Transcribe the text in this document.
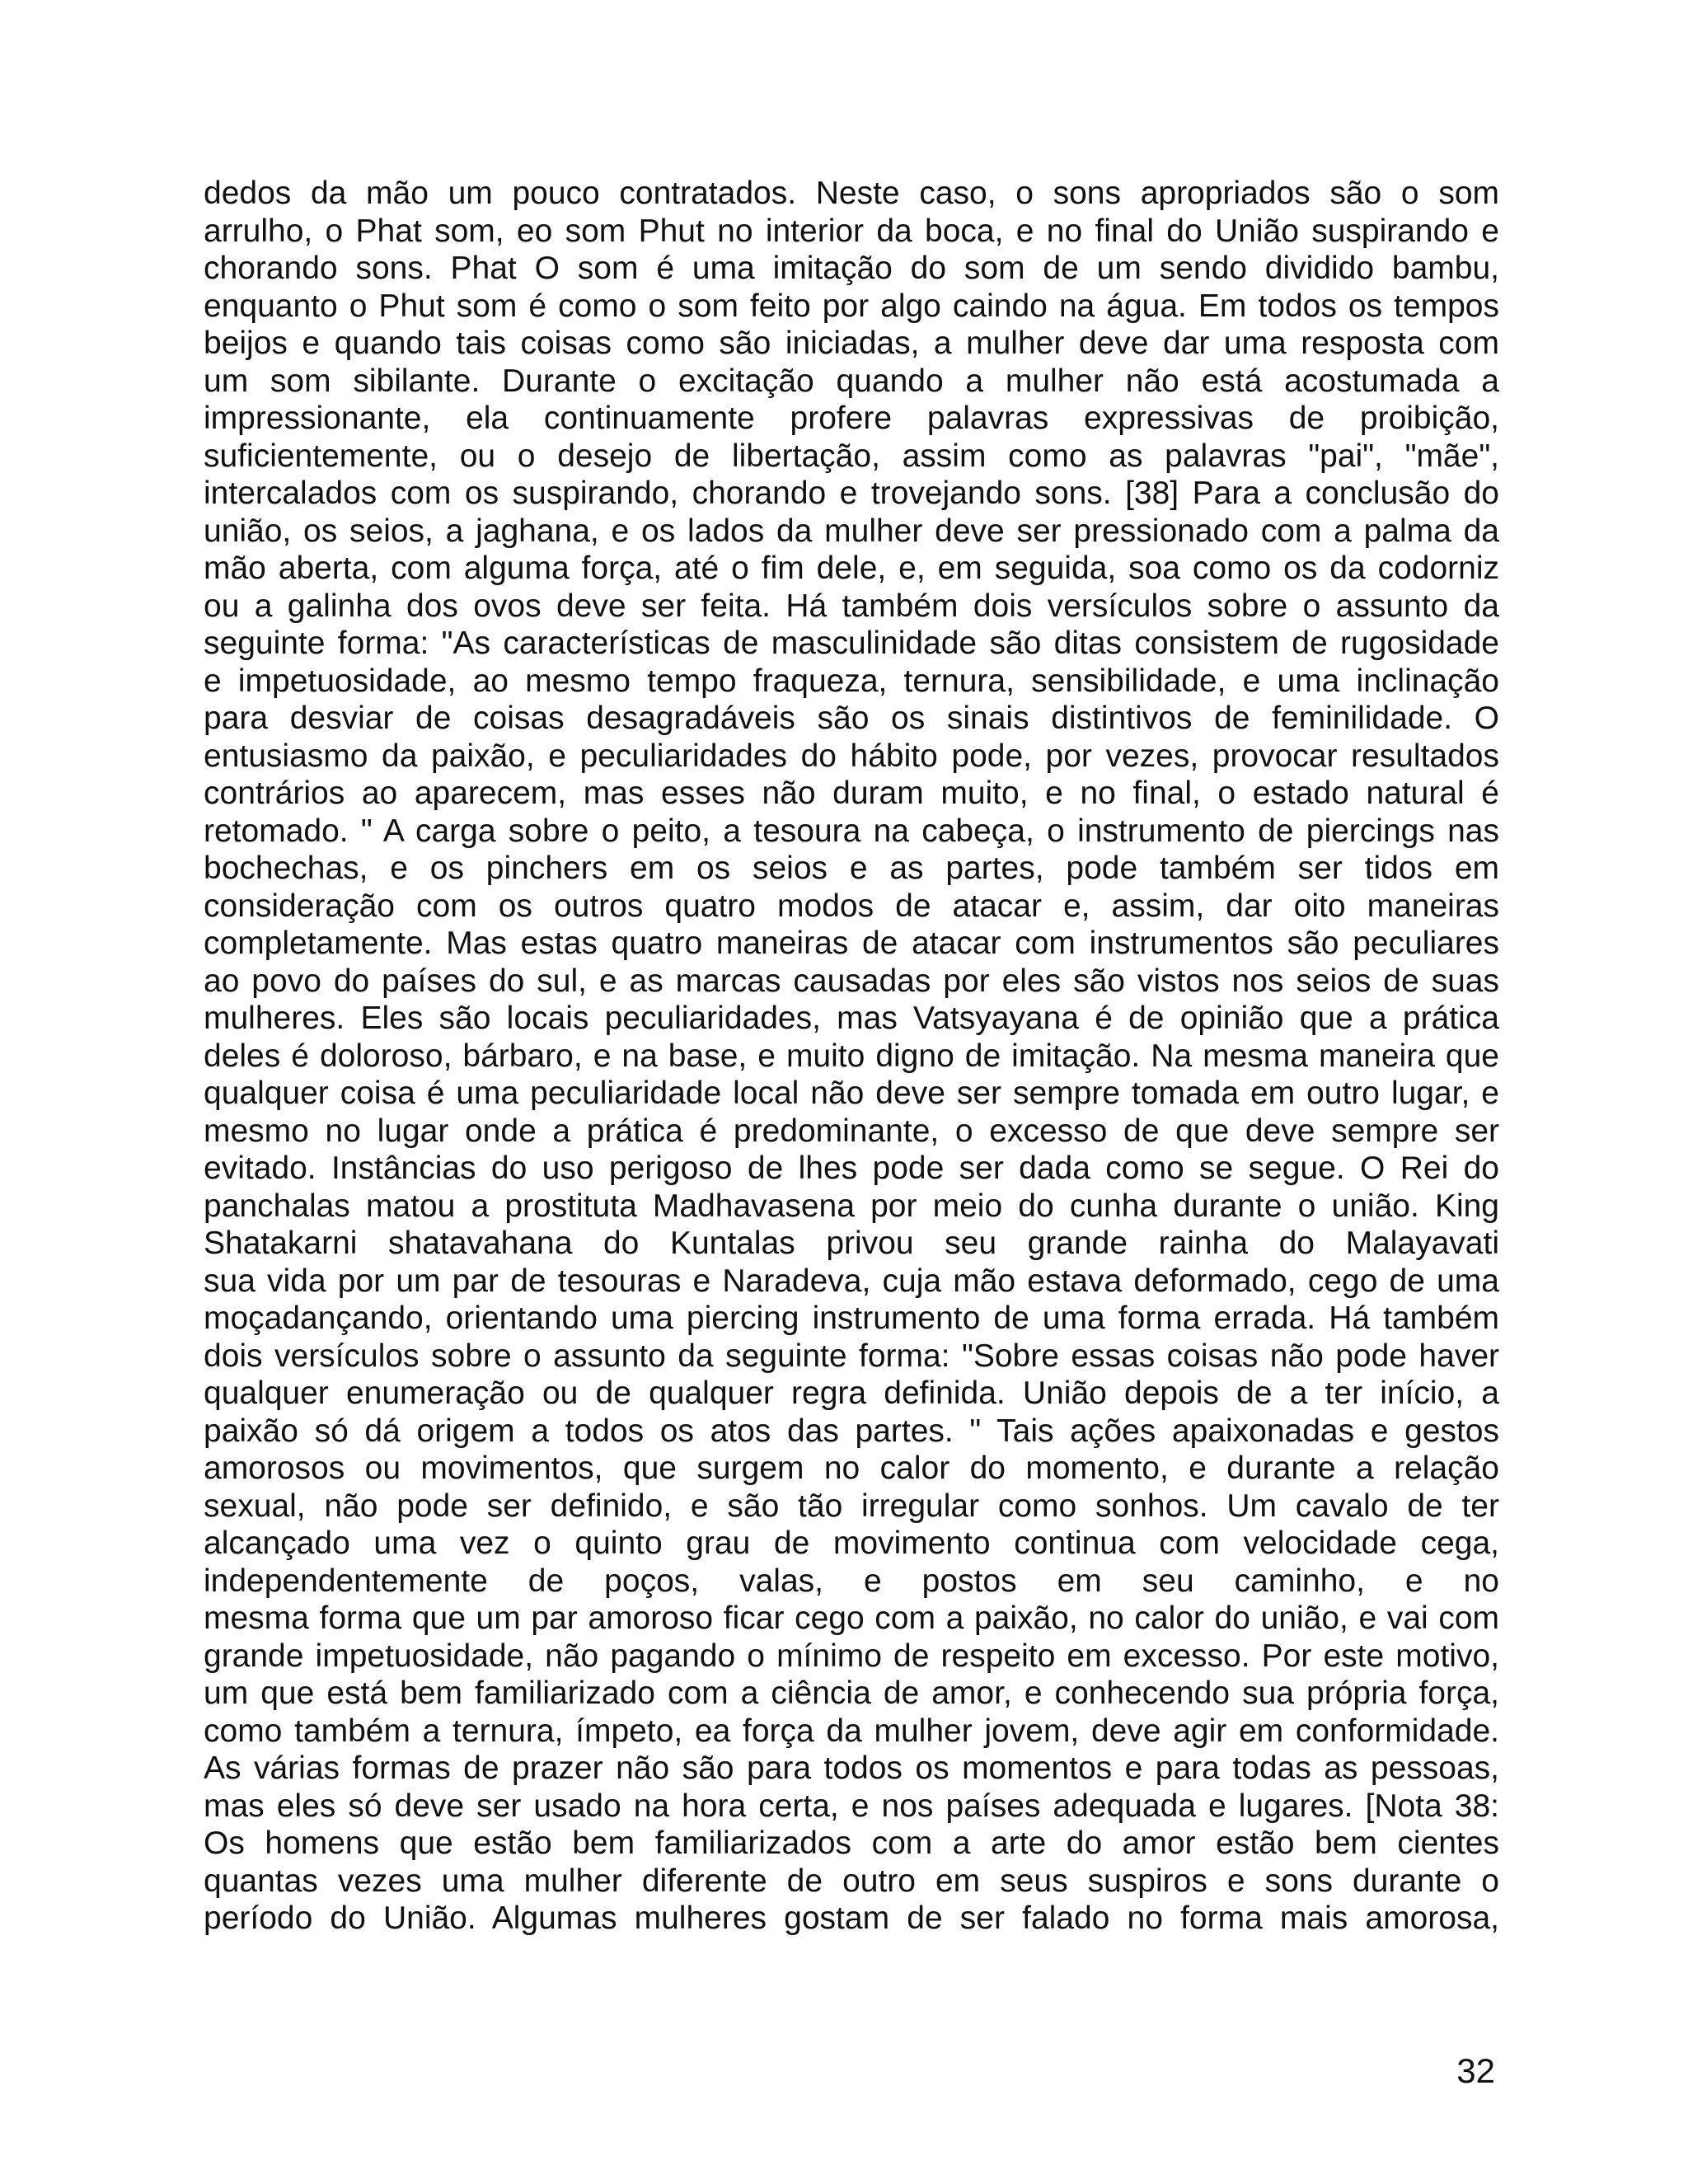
dedos da mão um pouco contratados. Neste caso, o sons apropriados são o som
arrulho, o Phat som, eo som Phut no interior da boca, e no final do União suspirando e
chorando sons. Phat O som é uma imitação do som de um sendo dividido bambu,
enquanto o Phut som é como o som feito por algo caindo na água. Em todos os tempos
beijos e quando tais coisas como são iniciadas, a mulher deve dar uma resposta com
um som sibilante. Durante o excitação quando a mulher não está acostumada a
impressionante, ela continuamente profere palavras expressivas de proibição,
suficientemente, ou o desejo de libertação, assim como as palavras "pai", "mãe",
intercalados com os suspirando, chorando e trovejando sons. [38] Para a conclusão do
união, os seios, a jaghana, e os lados da mulher deve ser pressionado com a palma da
mão aberta, com alguma força, até o fim dele, e, em seguida, soa como os da codorniz
ou a galinha dos ovos deve ser feita. Há também dois versículos sobre o assunto da
seguinte forma: "As características de masculinidade são ditas consistem de rugosidade
e impetuosidade, ao mesmo tempo fraqueza, ternura, sensibilidade, e uma inclinação
para desviar de coisas desagradáveis são os sinais distintivos de feminilidade. O
entusiasmo da paixão, e peculiaridades do hábito pode, por vezes, provocar resultados
contrários ao aparecem, mas esses não duram muito, e no final, o estado natural é
retomado. " A carga sobre o peito, a tesoura na cabeça, o instrumento de piercings nas
bochechas, e os pinchers em os seios e as partes, pode também ser tidos em
consideração com os outros quatro modos de atacar e, assim, dar oito maneiras
completamente. Mas estas quatro maneiras de atacar com instrumentos são peculiares
ao povo do países do sul, e as marcas causadas por eles são vistos nos seios de suas
mulheres. Eles são locais peculiaridades, mas Vatsyayana é de opinião que a prática
deles é doloroso, bárbaro, e na base, e muito digno de imitação. Na mesma maneira que
qualquer coisa é uma peculiaridade local não deve ser sempre tomada em outro lugar, e
mesmo no lugar onde a prática é predominante, o excesso de que deve sempre ser
evitado. Instâncias do uso perigoso de lhes pode ser dada como se segue. O Rei do
panchalas matou a prostituta Madhavasena por meio do cunha durante o união. King
Shatakarni shatavahana do Kuntalas privou seu grande rainha do Malayavati
sua vida por um par de tesouras e Naradeva, cuja mão estava deformado, cego de uma
moçadançando, orientando uma piercing instrumento de uma forma errada. Há também
dois versículos sobre o assunto da seguinte forma: "Sobre essas coisas não pode haver
qualquer enumeração ou de qualquer regra definida. União depois de a ter início, a
paixão só dá origem a todos os atos das partes. " Tais ações apaixonadas e gestos
amorosos ou movimentos, que surgem no calor do momento, e durante a relação
sexual, não pode ser definido, e são tão irregular como sonhos. Um cavalo de ter
alcançado uma vez o quinto grau de movimento continua com velocidade cega,
independentemente de poços, valas, e postos em seu caminho, e no
mesma forma que um par amoroso ficar cego com a paixão, no calor do união, e vai com
grande impetuosidade, não pagando o mínimo de respeito em excesso. Por este motivo,
um que está bem familiarizado com a ciência de amor, e conhecendo sua própria força,
como também a ternura, ímpeto, ea força da mulher jovem, deve agir em conformidade.
As várias formas de prazer não são para todos os momentos e para todas as pessoas,
mas eles só deve ser usado na hora certa, e nos países adequada e lugares. [Nota 38:
Os homens que estão bem familiarizados com a arte do amor estão bem cientes
quantas vezes uma mulher diferente de outro em seus suspiros e sons durante o
período do União. Algumas mulheres gostam de ser falado no forma mais amorosa,
32
